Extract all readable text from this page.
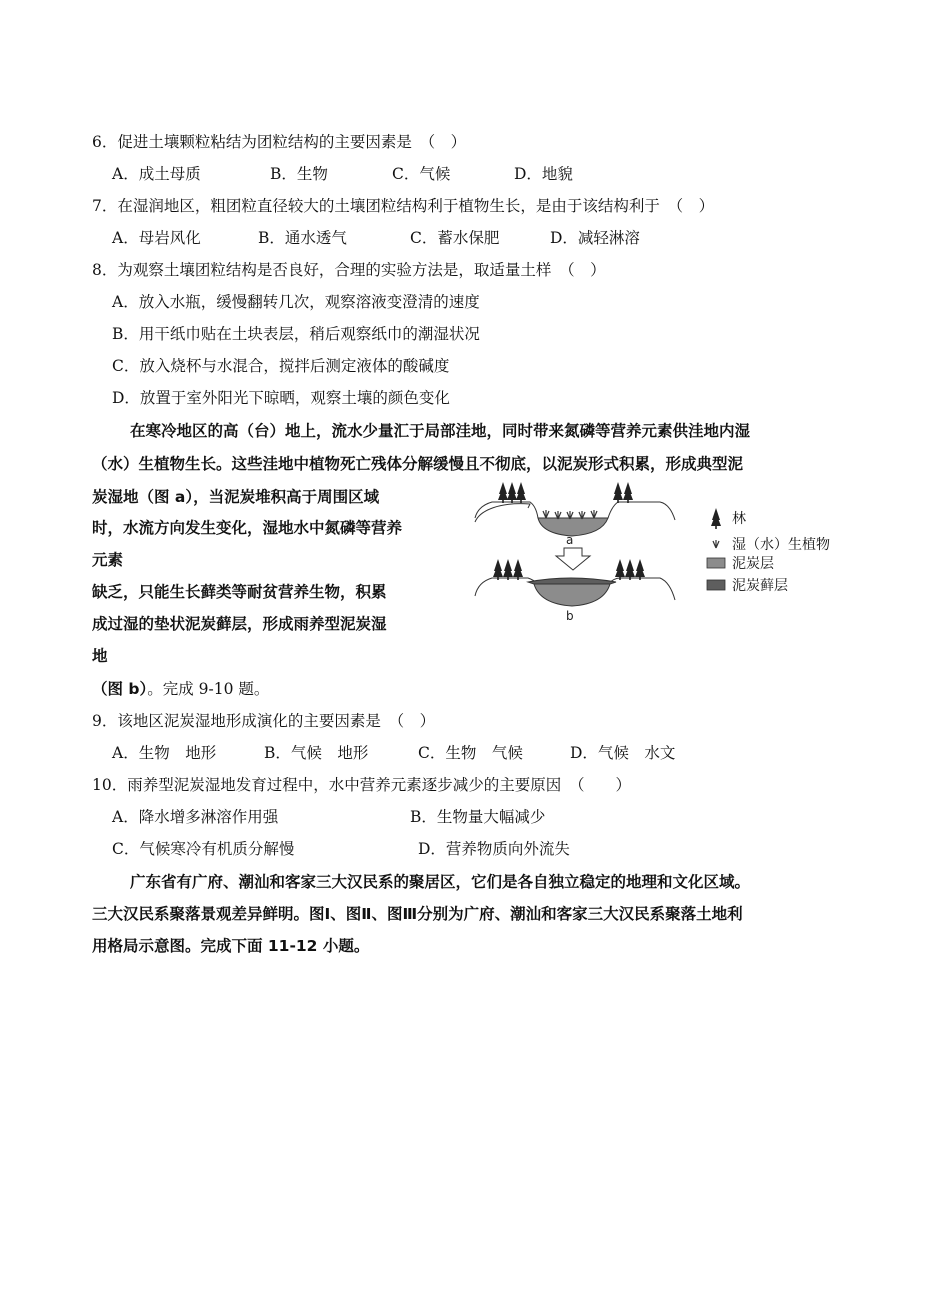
6．促进土壤颗粒粘结为团粒结构的主要因素是　（　）
A．成土母质	B．生物	C．气候	D．地貌
7．在湿润地区，粗团粒直径较大的土壤团粒结构利于植物生长，是由于该结构利于　（　）
A．母岩风化	B．通水透气	C．蓄水保肥	D．减轻淋溶
8．为观察土壤团粒结构是否良好，合理的实验方法是，取适量土样　（　）
A．放入水瓶，缓慢翻转几次，观察溶液变澄清的速度
B．用干纸巾贴在土块表层，稍后观察纸巾的潮湿状况
C．放入烧杯与水混合，搅拌后测定液体的酸碱度
D．放置于室外阳光下晾晒，观察土壤的颜色变化
在寒冷地区的高（台）地上，流水少量汇于局部洼地，同时带来氮磷等营养元素供洼地内湿
（水）生植物生长。这些洼地中植物死亡残体分解缓慢且不彻底，以泥炭形式积累，形成典型泥
炭湿地（图 a），当泥炭堆积高于周围区域
时，水流方向发生变化，湿地水中氮磷等营养
元素
缺乏，只能生长藓类等耐贫营养生物，积累
成过湿的垫状泥炭藓层，形成雨养型泥炭湿
地
（图 b）。完成 9-10 题。
a
b
林
湿（水）生植物
泥炭层
泥炭藓层
9．该地区泥炭湿地形成演化的主要因素是　（　）
A．生物　地形	B．气候　地形	C．生物　气候	D．气候　水文
10．雨养型泥炭湿地发育过程中，水中营养元素逐步减少的主要原因　（　　）
A．降水增多淋溶作用强	B．生物量大幅减少
C．气候寒冷有机质分解慢	D．营养物质向外流失
广东省有广府、潮汕和客家三大汉民系的聚居区，它们是各自独立稳定的地理和文化区域。
三大汉民系聚落景观差异鲜明。图Ⅰ、图Ⅱ、图Ⅲ分别为广府、潮汕和客家三大汉民系聚落土地利
用格局示意图。完成下面 11-12 小题。
